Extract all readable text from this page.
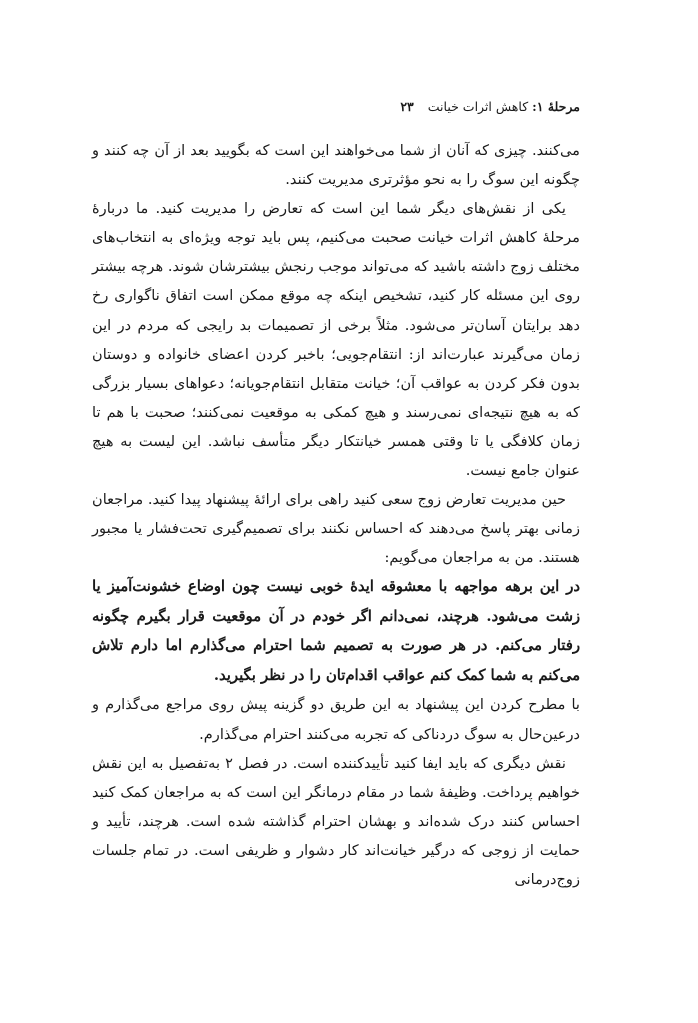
مرحلهٔ ۱:

کاهش اثرات خیانت
۲۳

می‌کنند. چیزی که آنان از شما می‌خواهند این است که بگویید بعد از آن چه کنند و چگونه این سوگ را به نحو مؤثرتری مدیریت کنند.

یکی از نقش‌های دیگر شما این است که تعارض را مدیریت کنید. ما دربارهٔ مرحلهٔ کاهش اثرات خیانت صحبت می‌کنیم، پس باید توجه ویژه‌ای به انتخاب‌های مختلف زوج داشته باشید که می‌تواند موجب رنجش بیشترشان شوند. هرچه بیشتر روی این مسئله کار کنید، تشخیص اینکه چه موقع ممکن است اتفاق ناگواری رخ دهد برایتان آسان‌تر می‌شود. مثلاً برخی از تصمیمات بد رایجی که مردم در این زمان می‌گیرند عبارت‌اند از: انتقام‌جویی؛ باخبر کردن اعضای خانواده و دوستان بدون فکر کردن به عواقب آن؛ خیانت متقابل انتقام‌جویانه؛ دعواهای بسیار بزرگی که به هیچ نتیجه‌ای نمی‌رسند و هیچ کمکی به موقعیت نمی‌کنند؛ صحبت با هم تا زمان کلافگی یا تا وقتی همسر خیانتکار دیگر متأسف نباشد. این لیست به هیچ عنوان جامع نیست.

حین مدیریت تعارض زوج سعی کنید راهی برای ارائهٔ پیشنهاد پیدا کنید. مراجعان زمانی بهتر پاسخ می‌دهند که احساس نکنند برای تصمیم‌گیری تحت‌فشار یا مجبور هستند. من به مراجعان می‌گویم:

در این برهه مواجهه با معشوقه ایدهٔ خوبی نیست چون اوضاع خشونت‌آمیز یا زشت می‌شود. هرچند، نمی‌دانم اگر خودم در آن موقعیت قرار بگیرم چگونه رفتار می‌کنم. در هر صورت به تصمیم شما احترام می‌گذارم اما دارم تلاش می‌کنم به شما کمک کنم عواقب اقدام‌تان را در نظر بگیرید.

با مطرح کردن این پیشنهاد به این طریق دو گزینه پیش روی مراجع می‌گذارم و درعین‌حال به سوگ دردناکی که تجربه می‌کنند احترام می‌گذارم.

نقش دیگری که باید ایفا کنید تأییدکننده است. در فصل ۲ به‌تفصیل به این نقش خواهیم پرداخت. وظیفهٔ شما در مقام درمانگر این است که به مراجعان کمک کنید احساس کنند درک شده‌اند و بهشان احترام گذاشته شده است. هرچند، تأیید و حمایت از زوجی که درگیر خیانت‌اند کار دشوار و ظریفی است. در تمام جلسات زوج‌درمانی
